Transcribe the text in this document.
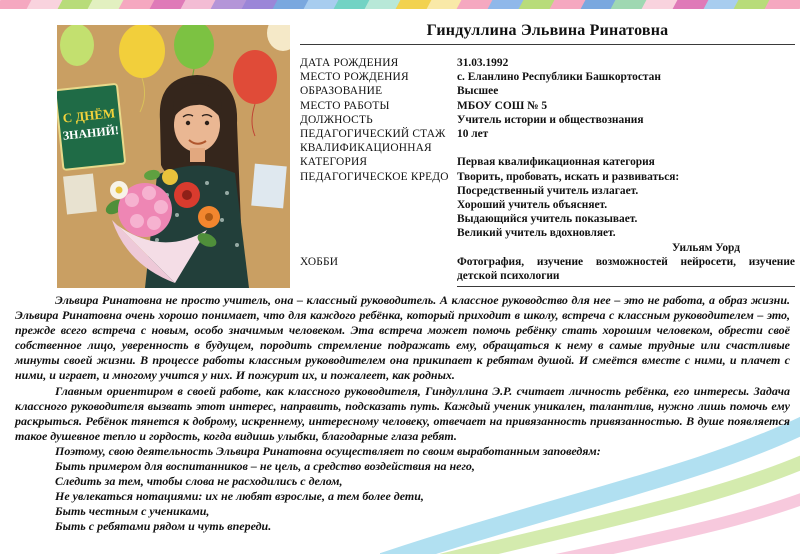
С ДНЁМ
ЗНАНИЙ!
Гиндуллина Эльвина Ринатовна
ДАТА РОЖДЕНИЯ	31.03.1992
МЕСТО РОЖДЕНИЯ	с. Еланлино Республики Башкортостан
ОБРАЗОВАНИЕ	Высшее
МЕСТО РАБОТЫ	МБОУ СОШ № 5
ДОЛЖНОСТЬ	Учитель истории и обществознания
ПЕДАГОГИЧЕСКИЙ СТАЖ	10 лет
КВАЛИФИКАЦИОННАЯ
КАТЕГОРИЯ	Первая квалификационная категория
ПЕДАГОГИЧЕСКОЕ КРЕДО Творить, пробовать, искать и развиваться:
Посредственный учитель излагает.
Хороший учитель объясняет.
Выдающийся учитель показывает.
Великий учитель вдохновляет.
Уильям Уорд
ХОББИ	Фотография, изучение возможностей нейросети, изучение детской психологии

Эльвира Ринатовна не просто учитель, она – классный руководитель. А классное руководство для нее – это не работа, а образ жизни. Эльвира Ринатовна очень хорошо понимает, что для каждого ребёнка, который приходит в школу, встреча с классным руководителем – это, прежде всего встреча с новым, особо значимым человеком. Эта встреча может помочь ребёнку стать хорошим человеком, обрести своё собственное лицо, уверенность в будущем, породить стремление подражать ему, обращаться к нему в самые трудные или счастливые минуты своей жизни. В процессе работы классным руководителем она прикипает к ребятам душой. И смеётся вместе с ними, и плачет с ними, и играет, и многому учится у них. И пожурит их, и пожалеет, как родных.

Главным ориентиром в своей работе, как классного руководителя, Гиндуллина Э.Р. считает личность ребёнка, его интересы. Задача классного руководителя вызвать этот интерес, направить, подсказать путь. Каждый ученик уникален, талантлив, нужно лишь помочь ему раскрыться. Ребёнок тянется к доброму, искреннему, интересному человеку, отвечает на привязанность привязанностью. В душе появляется такое душевное тепло и гордость, когда видишь улыбки, благодарные глаза ребят.

Поэтому, свою деятельность Эльвира Ринатовна осуществляет по своим выработанным заповедям:

Быть примером для воспитанников – не цель, а средство воздействия на него,
Следить за тем, чтобы слова не расходились с делом,
Не увлекаться нотациями: их не любят взрослые, а тем более дети,
Быть честным с учениками,
Быть с ребятами рядом и чуть впереди.
